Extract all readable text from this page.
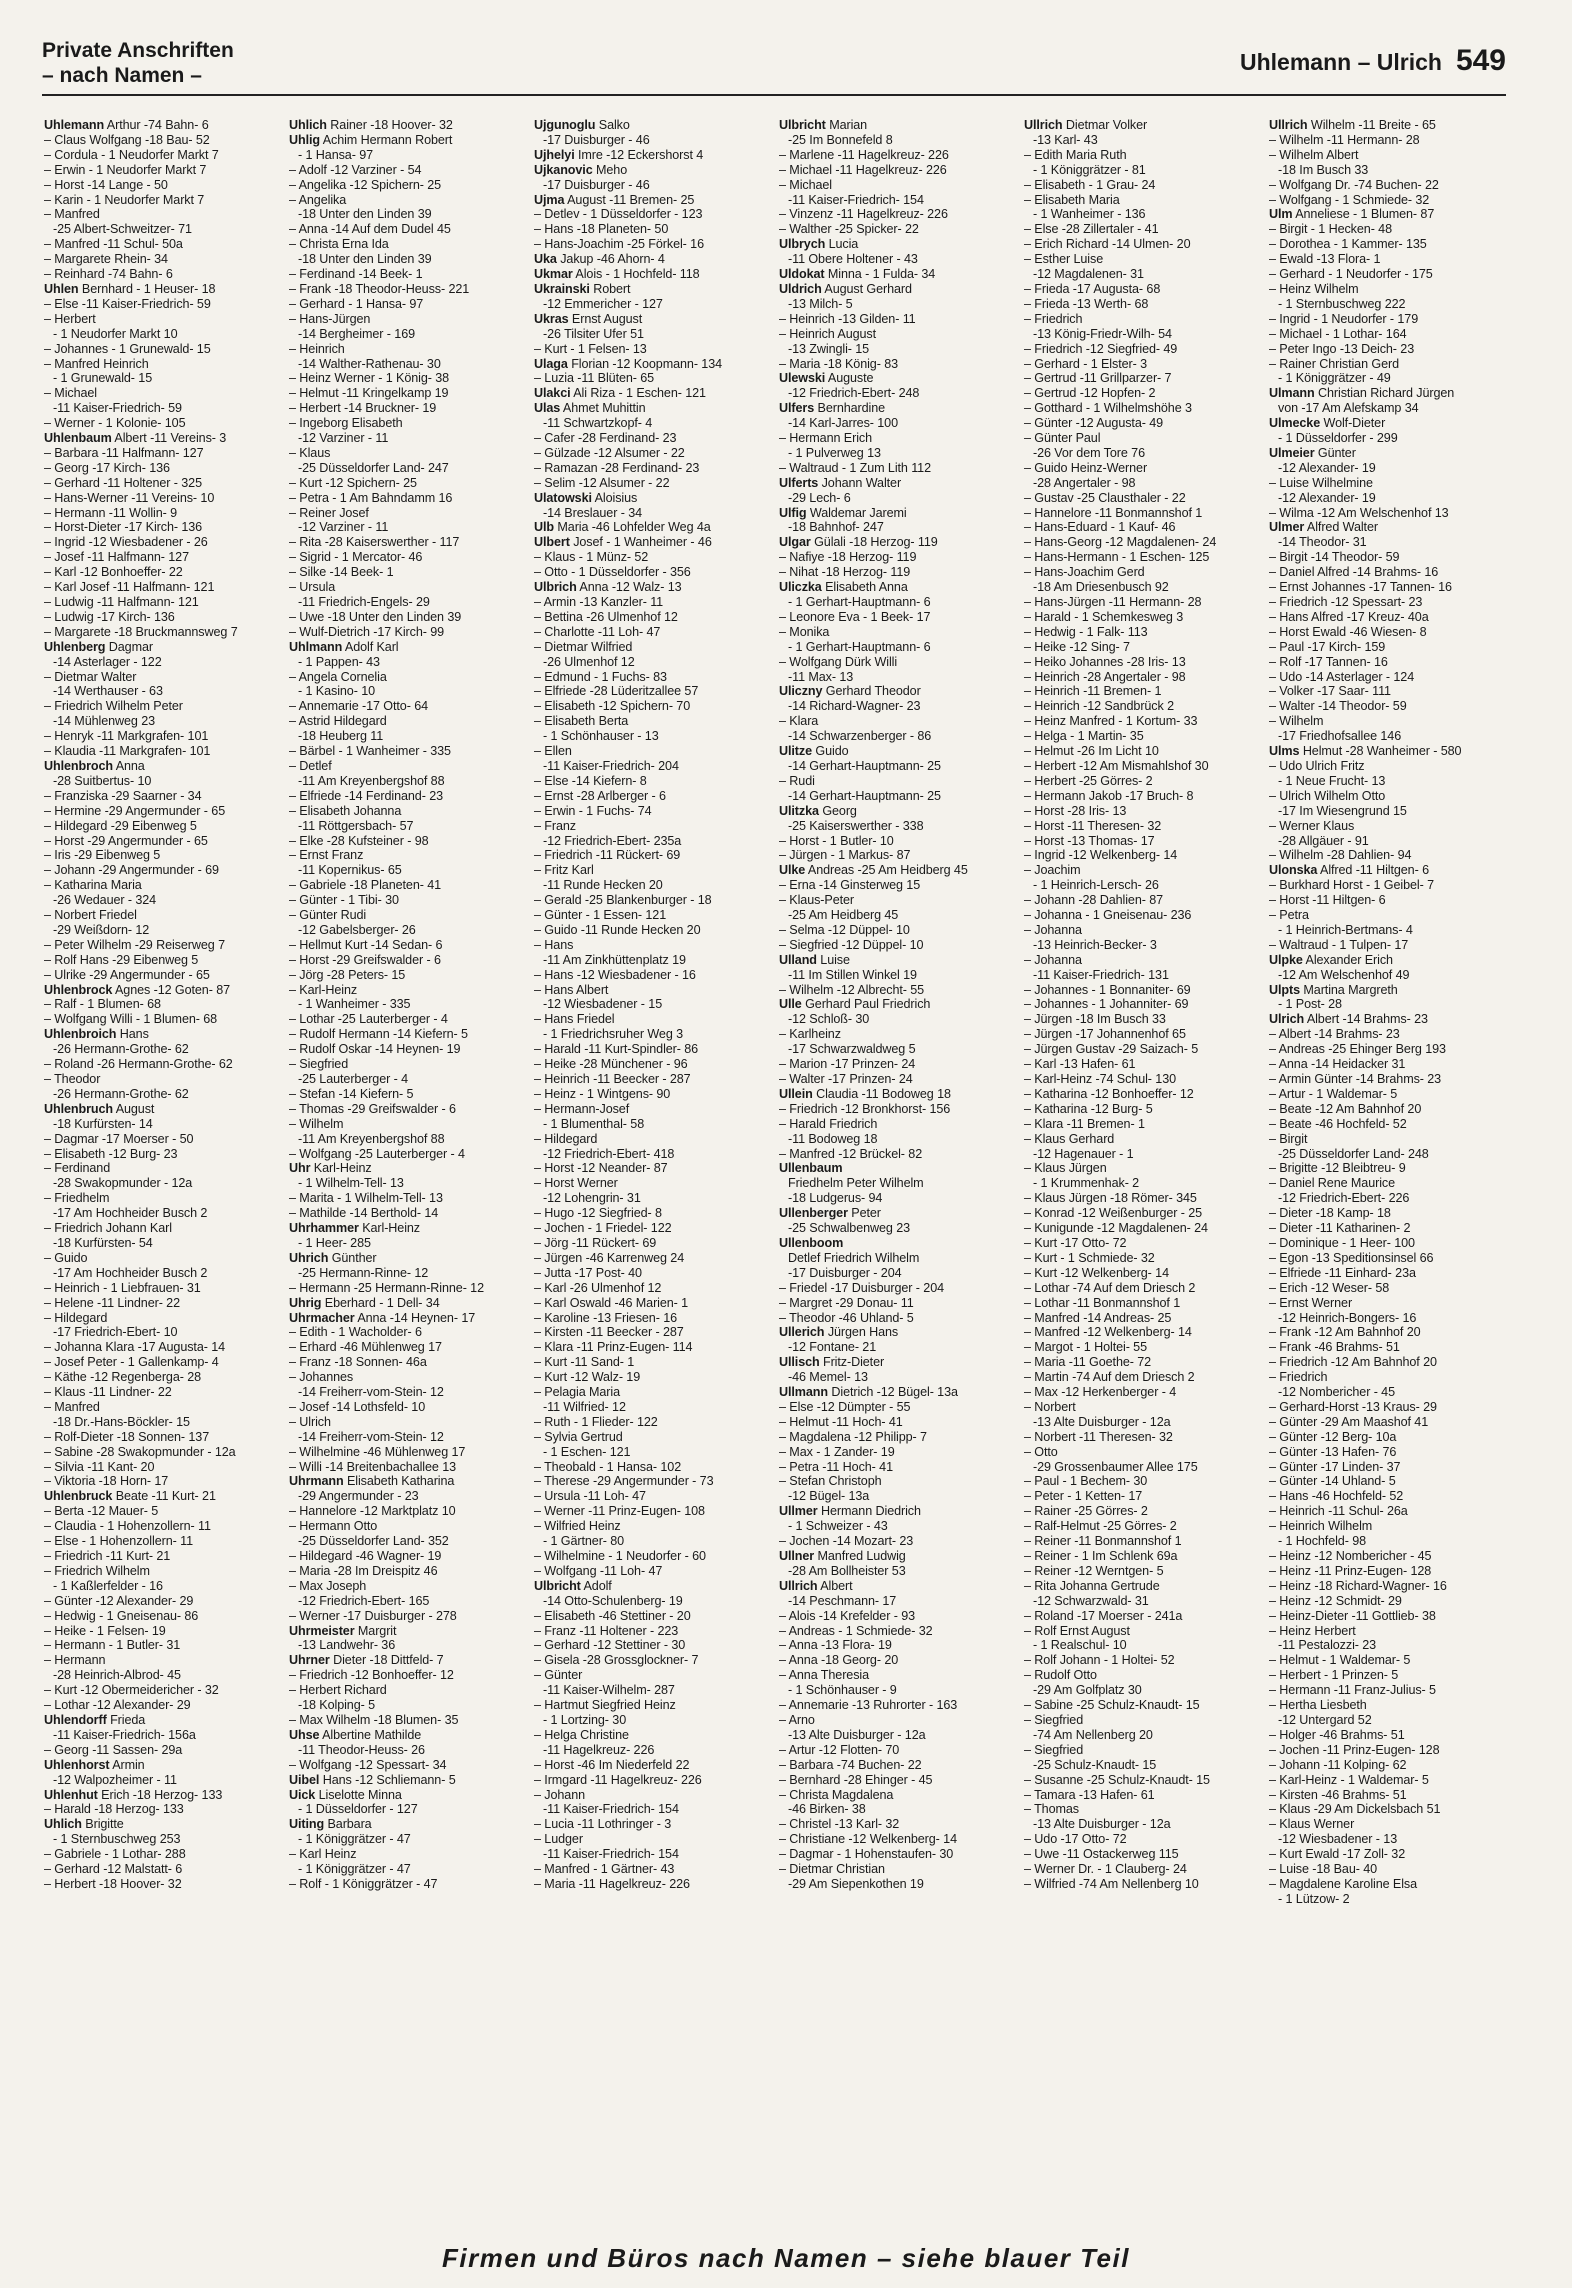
Private Anschriften
– nach Namen –
Uhlemann – Ulrich 549
Uhlemann Arthur -74 Bahn- 6
– Claus Wolfgang -18 Bau- 52
– Cordula - 1 Neudorfer Markt 7
– Erwin - 1 Neudorfer Markt 7
– Horst -14 Lange - 50
– Karin - 1 Neudorfer Markt 7
– Manfred
-25 Albert-Schweitzer- 71
– Manfred -11 Schul- 50a
– Margarete Rhein- 34
– Reinhard -74 Bahn- 6
Uhlen Bernhard - 1 Heuser- 18
– Else -11 Kaiser-Friedrich- 59
– Herbert
- 1 Neudorfer Markt 10
– Johannes - 1 Grunewald- 15
– Manfred Heinrich
- 1 Grunewald- 15
– Michael
-11 Kaiser-Friedrich- 59
– Werner - 1 Kolonie- 105
Uhlenbaum Albert -11 Vereins- 3
– Barbara -11 Halfmann- 127
– Georg -17 Kirch- 136
– Gerhard -11 Holtener - 325
– Hans-Werner -11 Vereins- 10
– Hermann -11 Wollin- 9
– Horst-Dieter -17 Kirch- 136
– Ingrid -12 Wiesbadener - 26
– Josef -11 Halfmann- 127
– Karl -12 Bonhoeffer- 22
– Karl Josef -11 Halfmann- 121
– Ludwig -11 Halfmann- 121
– Ludwig -17 Kirch- 136
– Margarete -18 Bruckmannsweg 7
Uhlenberg Dagmar
-14 Asterlager - 122
– Dietmar Walter
-14 Werthauser - 63
– Friedrich Wilhelm Peter
-14 Mühlenweg 23
– Henryk -11 Markgrafen- 101
– Klaudia -11 Markgrafen- 101
Uhlenbroch Anna
-28 Suitbertus- 10
– Franziska -29 Saarner - 34
– Hermine -29 Angermunder - 65
– Hildegard -29 Eibenweg 5
– Horst -29 Angermunder - 65
– Iris -29 Eibenweg 5
– Johann -29 Angermunder - 69
– Katharina Maria
-26 Wedauer - 324
– Norbert Friedel
-29 Weißdorn- 12
– Peter Wilhelm -29 Reiserweg 7
– Rolf Hans -29 Eibenweg 5
– Ulrike -29 Angermunder - 65
Uhlenbrock Agnes -12 Goten- 87
– Ralf - 1 Blumen- 68
– Wolfgang Willi - 1 Blumen- 68
Uhlenbroich Hans
-26 Hermann-Grothe- 62
– Roland -26 Hermann-Grothe- 62
– Theodor
-26 Hermann-Grothe- 62
Uhlenbruch August
-18 Kurfürsten- 14
– Dagmar -17 Moerser - 50
– Elisabeth -12 Burg- 23
– Ferdinand
-28 Swakopmunder - 12a
– Friedhelm
-17 Am Hochheider Busch 2
– Friedrich Johann Karl
-18 Kurfürsten- 54
– Guido
-17 Am Hochheider Busch 2
– Heinrich - 1 Liebfrauen- 31
– Helene -11 Lindner- 22
– Hildegard
-17 Friedrich-Ebert- 10
– Johanna Klara -17 Augusta- 14
– Josef Peter - 1 Gallenkamp- 4
– Käthe -12 Regenberga- 28
– Klaus -11 Lindner- 22
– Manfred
-18 Dr.-Hans-Böckler- 15
– Rolf-Dieter -18 Sonnen- 137
– Sabine -28 Swakopmunder - 12a
– Silvia -11 Kant- 20
– Viktoria -18 Horn- 17
Uhlenbruck Beate -11 Kurt- 21
– Berta -12 Mauer- 5
– Claudia - 1 Hohenzollern- 11
– Else - 1 Hohenzollern- 11
– Friedrich -11 Kurt- 21
– Friedrich Wilhelm
- 1 Kaßlerfelder - 16
– Günter -12 Alexander- 29
– Hedwig - 1 Gneisenau- 86
– Heike - 1 Felsen- 19
– Hermann - 1 Butler- 31
– Hermann
-28 Heinrich-Albrod- 45
– Kurt -12 Obermeidericher - 32
– Lothar -12 Alexander- 29
Uhlendorff Frieda
-11 Kaiser-Friedrich- 156a
– Georg -11 Sassen- 29a
Uhlenhorst Armin
-12 Walpozheimer - 11
Uhlenhut Erich -18 Herzog- 133
– Harald -18 Herzog- 133
Uhlich Brigitte
- 1 Sternbuschweg 253
– Gabriele - 1 Lothar- 288
– Gerhard -12 Malstatt- 6
– Herbert -18 Hoover- 32
Uhlich Rainer -18 Hoover- 32
Uhlig Achim Hermann Robert
- 1 Hansa- 97
– Adolf -12 Varziner - 54
– Angelika -12 Spichern- 25
– Angelika
-18 Unter den Linden 39
– Anna -14 Auf dem Dudel 45
– Christa Erna Ida
-18 Unter den Linden 39
– Ferdinand -14 Beek- 1
– Frank -18 Theodor-Heuss- 221
– Gerhard - 1 Hansa- 97
– Hans-Jürgen
-14 Bergheimer - 169
– Heinrich
-14 Walther-Rathenau- 30
– Heinz Werner - 1 König- 38
– Helmut -11 Kringelkamp 19
– Herbert -14 Bruckner- 19
– Ingeborg Elisabeth
-12 Varziner - 11
– Klaus
-25 Düsseldorfer Land- 247
– Kurt -12 Spichern- 25
– Petra - 1 Am Bahndamm 16
– Reiner Josef
-12 Varziner - 11
– Rita -28 Kaiserswerther - 117
– Sigrid - 1 Mercator- 46
– Silke -14 Beek- 1
– Ursula
-11 Friedrich-Engels- 29
– Uwe -18 Unter den Linden 39
– Wulf-Dietrich -17 Kirch- 99
Uhlmann Adolf Karl
- 1 Pappen- 43
– Angela Cornelia
- 1 Kasino- 10
– Annemarie -17 Otto- 64
– Astrid Hildegard
-18 Heuberg 11
– Bärbel - 1 Wanheimer - 335
– Detlef
-11 Am Kreyenbergshof 88
– Elfriede -14 Ferdinand- 23
– Elisabeth Johanna
-11 Röttgersbach- 57
– Elke -28 Kufsteiner - 98
– Ernst Franz
-11 Kopernikus- 65
– Gabriele -18 Planeten- 41
– Günter - 1 Tibi- 30
– Günter Rudi
-12 Gabelsberger- 26
– Hellmut Kurt -14 Sedan- 6
– Horst -29 Greifswalder - 6
– Jörg -28 Peters- 15
– Karl-Heinz
- 1 Wanheimer - 335
– Lothar -25 Lauterberger - 4
– Rudolf Hermann -14 Kiefern- 5
– Rudolf Oskar -14 Heynen- 19
– Siegfried
-25 Lauterberger - 4
– Stefan -14 Kiefern- 5
– Thomas -29 Greifswalder - 6
– Wilhelm
-11 Am Kreyenbergshof 88
– Wolfgang -25 Lauterberger - 4
Uhr Karl-Heinz
- 1 Wilhelm-Tell- 13
– Marita - 1 Wilhelm-Tell- 13
– Mathilde -14 Berthold- 14
Uhrhammer Karl-Heinz
- 1 Heer- 285
Uhrich Günther
-25 Hermann-Rinne- 12
– Hermann -25 Hermann-Rinne- 12
Uhrig Eberhard - 1 Dell- 34
Uhrmacher Anna -14 Heynen- 17
– Edith - 1 Wacholder- 6
– Erhard -46 Mühlenweg 17
– Franz -18 Sonnen- 46a
– Johannes
-14 Freiherr-vom-Stein- 12
– Josef -14 Lothsfeld- 10
– Ulrich
-14 Freiherr-vom-Stein- 12
– Wilhelmine -46 Mühlenweg 17
– Willi -14 Breitenbachallee 13
Uhrmann Elisabeth Katharina
-29 Angermunder - 23
– Hannelore -12 Marktplatz 10
– Hermann Otto
-25 Düsseldorfer Land- 352
– Hildegard -46 Wagner- 19
– Maria -28 Im Dreispitz 46
– Max Joseph
-12 Friedrich-Ebert- 165
– Werner -17 Duisburger - 278
Uhrmeister Margrit
-13 Landwehr- 36
Uhrner Dieter -18 Dittfeld- 7
– Friedrich -12 Bonhoeffer- 12
– Herbert Richard
-18 Kolping- 5
– Max Wilhelm -18 Blumen- 35
Uhse Albertine Mathilde
-11 Theodor-Heuss- 26
– Wolfgang -12 Spessart- 34
Uibel Hans -12 Schliemann- 5
Uick Liselotte Minna
- 1 Düsseldorfer - 127
Uiting Barbara
- 1 Königgrätzer - 47
– Karl Heinz
- 1 Königgrätzer - 47
– Rolf - 1 Königgrätzer - 47
Ujgunoglu Salko
-17 Duisburger - 46
Ujhelyi Imre -12 Eckershorst 4
Ujkanovic Meho
-17 Duisburger - 46
Ujma August -11 Bremen- 25
– Detlev - 1 Düsseldorfer - 123
– Hans -18 Planeten- 50
– Hans-Joachim -25 Förkel- 16
Uka Jakup -46 Ahorn- 4
Ukmar Alois - 1 Hochfeld- 118
Ukrainski Robert
-12 Emmericher - 127
Ukras Ernst August
-26 Tilsiter Ufer 51
– Kurt - 1 Felsen- 13
Ulaga Florian -12 Koopmann- 134
– Luzia -11 Blüten- 65
Ulakci Ali Riza - 1 Eschen- 121
Ulas Ahmet Muhittin
-11 Schwartzkopf- 4
– Cafer -28 Ferdinand- 23
– Gülzade -12 Alsumer - 22
– Ramazan -28 Ferdinand- 23
– Selim -12 Alsumer - 22
Ulatowski Aloisius
-14 Breslauer - 34
Ulb Maria -46 Lohfelder Weg 4a
Ulbert Josef - 1 Wanheimer - 46
– Klaus - 1 Münz- 52
– Otto - 1 Düsseldorfer - 356
Ulbrich Anna -12 Walz- 13
– Armin -13 Kanzler- 11
– Bettina -26 Ulmenhof 12
– Charlotte -11 Loh- 47
– Dietmar Wilfried
-26 Ulmenhof 12
– Edmund - 1 Fuchs- 83
– Elfriede -28 Lüderitzallee 57
– Elisabeth -12 Spichern- 70
– Elisabeth Berta
- 1 Schönhauser - 13
– Ellen
-11 Kaiser-Friedrich- 204
– Else -14 Kiefern- 8
– Ernst -28 Arlberger - 6
– Erwin - 1 Fuchs- 74
– Franz
-12 Friedrich-Ebert- 235a
– Friedrich -11 Rückert- 69
– Fritz Karl
-11 Runde Hecken 20
– Gerald -25 Blankenburger - 18
– Günter - 1 Essen- 121
– Guido -11 Runde Hecken 20
– Hans
-11 Am Zinkhüttenplatz 19
– Hans -12 Wiesbadener - 16
– Hans Albert
-12 Wiesbadener - 15
– Hans Friedel
- 1 Friedrichsruher Weg 3
– Harald -11 Kurt-Spindler- 86
– Heike -28 Münchener - 96
– Heinrich -11 Beecker - 287
– Heinz - 1 Wintgens- 90
– Hermann-Josef
- 1 Blumenthal- 58
– Hildegard
-12 Friedrich-Ebert- 418
– Horst -12 Neander- 87
– Horst Werner
-12 Lohengrin- 31
– Hugo -12 Siegfried- 8
– Jochen - 1 Friedel- 122
– Jörg -11 Rückert- 69
– Jürgen -46 Karrenweg 24
– Jutta -17 Post- 40
– Karl -26 Ulmenhof 12
– Karl Oswald -46 Marien- 1
– Karoline -13 Friesen- 16
– Kirsten -11 Beecker - 287
– Klara -11 Prinz-Eugen- 114
– Kurt -11 Sand- 1
– Kurt -12 Walz- 19
– Pelagia Maria
-11 Wilfried- 12
– Ruth - 1 Flieder- 122
– Sylvia Gertrud
- 1 Eschen- 121
– Theobald - 1 Hansa- 102
– Therese -29 Angermunder - 73
– Ursula -11 Loh- 47
– Werner -11 Prinz-Eugen- 108
– Wilfried Heinz
- 1 Gärtner- 80
– Wilhelmine - 1 Neudorfer - 60
– Wolfgang -11 Loh- 47
Ulbricht Adolf
-14 Otto-Schulenberg- 19
– Elisabeth -46 Stettiner - 20
– Franz -11 Holtener - 223
– Gerhard -12 Stettiner - 30
– Gisela -28 Grossglockner- 7
– Günter
-11 Kaiser-Wilhelm- 287
– Hartmut Siegfried Heinz
- 1 Lortzing- 30
– Helga Christine
-11 Hagelkreuz- 226
– Horst -46 Im Niederfeld 22
– Irmgard -11 Hagelkreuz- 226
– Johann
-11 Kaiser-Friedrich- 154
– Lucia -11 Lothringer - 3
– Ludger
-11 Kaiser-Friedrich- 154
– Manfred - 1 Gärtner- 43
– Maria -11 Hagelkreuz- 226
Ulbricht Marian
-25 Im Bonnefeld 8
– Marlene -11 Hagelkreuz- 226
– Michael -11 Hagelkreuz- 226
– Michael
-11 Kaiser-Friedrich- 154
– Vinzenz -11 Hagelkreuz- 226
– Walther -25 Spicker- 22
Ulbrych Lucia
-11 Obere Holtener - 43
Uldokat Minna - 1 Fulda- 34
Uldrich August Gerhard
-13 Milch- 5
– Heinrich -13 Gilden- 11
– Heinrich August
-13 Zwingli- 15
– Maria -18 König- 83
Ulewski Auguste
-12 Friedrich-Ebert- 248
Ulfers Bernhardine
-14 Karl-Jarres- 100
– Hermann Erich
- 1 Pulverweg 13
– Waltraud - 1 Zum Lith 112
Ulferts Johann Walter
-29 Lech- 6
Ulfig Waldemar Jaremi
-18 Bahnhof- 247
Ulgar Gülali -18 Herzog- 119
– Nafiye -18 Herzog- 119
– Nihat -18 Herzog- 119
Uliczka Elisabeth Anna
- 1 Gerhart-Hauptmann- 6
– Leonore Eva - 1 Beek- 17
– Monika
- 1 Gerhart-Hauptmann- 6
– Wolfgang Dürk Willi
-11 Max- 13
Uliczny Gerhard Theodor
-14 Richard-Wagner- 23
– Klara
-14 Schwarzenberger - 86
Ulitze Guido
-14 Gerhart-Hauptmann- 25
– Rudi
-14 Gerhart-Hauptmann- 25
Ulitzka Georg
-25 Kaiserswerther - 338
– Horst - 1 Butler- 10
– Jürgen - 1 Markus- 87
Ulke Andreas -25 Am Heidberg 45
– Erna -14 Ginsterweg 15
– Klaus-Peter
-25 Am Heidberg 45
– Selma -12 Düppel- 10
– Siegfried -12 Düppel- 10
Ulland Luise
-11 Im Stillen Winkel 19
– Wilhelm -12 Albrecht- 55
Ulle Gerhard Paul Friedrich
-12 Schloß- 30
– Karlheinz
-17 Schwarzwaldweg 5
– Marion -17 Prinzen- 24
– Walter -17 Prinzen- 24
Ullein Claudia -11 Bodoweg 18
– Friedrich -12 Bronkhorst- 156
– Harald Friedrich
-11 Bodoweg 18
– Manfred -12 Brückel- 82
Ullenbaum
Friedhelm Peter Wilhelm
-18 Ludgerus- 94
Ullenberger Peter
-25 Schwalbenweg 23
Ullenboom
Detlef Friedrich Wilhelm
-17 Duisburger - 204
– Friedel -17 Duisburger - 204
– Margret -29 Donau- 11
– Theodor -46 Uhland- 5
Ullerich Jürgen Hans
-12 Fontane- 21
Ullisch Fritz-Dieter
-46 Memel- 13
Ullmann Dietrich -12 Bügel- 13a
– Else -12 Dümpter - 55
– Helmut -11 Hoch- 41
– Magdalena -12 Philipp- 7
– Max - 1 Zander- 19
– Petra -11 Hoch- 41
– Stefan Christoph
-12 Bügel- 13a
Ullmer Hermann Diedrich
- 1 Schweizer - 43
– Jochen -14 Mozart- 23
Ullner Manfred Ludwig
-28 Am Bollheister 53
Ullrich Albert
-14 Peschmann- 17
– Alois -14 Krefelder - 93
– Andreas - 1 Schmiede- 32
– Anna -13 Flora- 19
– Anna -18 Georg- 20
– Anna Theresia
- 1 Schönhauser - 9
– Annemarie -13 Ruhrorter - 163
– Arno
-13 Alte Duisburger - 12a
– Artur -12 Flotten- 70
– Barbara -74 Buchen- 22
– Bernhard -28 Ehinger - 45
– Christa Magdalena
-46 Birken- 38
– Christel -13 Karl- 32
– Christiane -12 Welkenberg- 14
– Dagmar - 1 Hohenstaufen- 30
– Dietmar Christian
-29 Am Siepenkothen 19
Ullrich Dietmar Volker
-13 Karl- 43
– Edith Maria Ruth
- 1 Königgrätzer - 81
– Elisabeth - 1 Grau- 24
– Elisabeth Maria
- 1 Wanheimer - 136
– Else -28 Zillertaler - 41
– Erich Richard -14 Ulmen- 20
– Esther Luise
-12 Magdalenen- 31
– Frieda -17 Augusta- 68
– Frieda -13 Werth- 68
– Friedrich
-13 König-Friedr-Wilh- 54
– Friedrich -12 Siegfried- 49
– Gerhard - 1 Elster- 3
– Gertrud -11 Grillparzer- 7
– Gertrud -12 Hopfen- 2
– Gotthard - 1 Wilhelmshöhe 3
– Günter -12 Augusta- 49
– Günter Paul
-26 Vor dem Tore 76
– Guido Heinz-Werner
-28 Angertaler - 98
– Gustav -25 Clausthaler - 22
– Hannelore -11 Bonmannshof 1
– Hans-Eduard - 1 Kauf- 46
– Hans-Georg -12 Magdalenen- 24
– Hans-Hermann - 1 Eschen- 125
– Hans-Joachim Gerd
-18 Am Driesenbusch 92
– Hans-Jürgen -11 Hermann- 28
– Harald - 1 Schemkesweg 3
– Hedwig - 1 Falk- 113
– Heike -12 Sing- 7
– Heiko Johannes -28 Iris- 13
– Heinrich -28 Angertaler - 98
– Heinrich -11 Bremen- 1
– Heinrich -12 Sandbrück 2
– Heinz Manfred - 1 Kortum- 33
– Helga - 1 Martin- 35
– Helmut -26 Im Licht 10
– Herbert -12 Am Mismahlshof 30
– Herbert -25 Görres- 2
– Hermann Jakob -17 Bruch- 8
– Horst -28 Iris- 13
– Horst -11 Theresen- 32
– Horst -13 Thomas- 17
– Ingrid -12 Welkenberg- 14
– Joachim
- 1 Heinrich-Lersch- 26
– Johann -28 Dahlien- 87
– Johanna - 1 Gneisenau- 236
– Johanna
-13 Heinrich-Becker- 3
– Johanna
-11 Kaiser-Friedrich- 131
– Johannes - 1 Bonnaniter- 69
– Johannes - 1 Johanniter- 69
– Jürgen -18 Im Busch 33
– Jürgen -17 Johannenhof 65
– Jürgen Gustav -29 Saizach- 5
– Karl -13 Hafen- 61
– Karl-Heinz -74 Schul- 130
– Katharina -12 Bonhoeffer- 12
– Katharina -12 Burg- 5
– Klara -11 Bremen- 1
– Klaus Gerhard
-12 Hagenauer - 1
– Klaus Jürgen
- 1 Krummenhak- 2
– Klaus Jürgen -18 Römer- 345
– Konrad -12 Weißenburger - 25
– Kunigunde -12 Magdalenen- 24
– Kurt -17 Otto- 72
– Kurt - 1 Schmiede- 32
– Kurt -12 Welkenberg- 14
– Lothar -74 Auf dem Driesch 2
– Lothar -11 Bonmannshof 1
– Manfred -14 Andreas- 25
– Manfred -12 Welkenberg- 14
– Margot - 1 Holtei- 55
– Maria -11 Goethe- 72
– Martin -74 Auf dem Driesch 2
– Max -12 Herkenberger - 4
– Norbert
-13 Alte Duisburger - 12a
– Norbert -11 Theresen- 32
– Otto
-29 Grossenbaumer Allee 175
– Paul - 1 Bechem- 30
– Peter - 1 Ketten- 17
– Rainer -25 Görres- 2
– Ralf-Helmut -25 Görres- 2
– Reiner -11 Bonmannshof 1
– Reiner - 1 Im Schlenk 69a
– Reiner -12 Werntgen- 5
– Rita Johanna Gertrude
-12 Schwarzwald- 31
– Roland -17 Moerser - 241a
– Rolf Ernst August
- 1 Realschul- 10
– Rolf Johann - 1 Holtei- 52
– Rudolf Otto
-29 Am Golfplatz 30
– Sabine -25 Schulz-Knaudt- 15
– Siegfried
-74 Am Nellenberg 20
– Siegfried
-25 Schulz-Knaudt- 15
– Susanne -25 Schulz-Knaudt- 15
– Tamara -13 Hafen- 61
– Thomas
-13 Alte Duisburger - 12a
– Udo -17 Otto- 72
– Uwe -11 Ostackerweg 115
– Werner Dr. - 1 Clauberg- 24
– Wilfried -74 Am Nellenberg 10
Ullrich Wilhelm -11 Breite - 65
– Wilhelm -11 Hermann- 28
– Wilhelm Albert
-18 Im Busch 33
– Wolfgang Dr. -74 Buchen- 22
– Wolfgang - 1 Schmiede- 32
Ulm Anneliese - 1 Blumen- 87
– Birgit - 1 Hecken- 48
– Dorothea - 1 Kammer- 135
– Ewald -13 Flora- 1
– Gerhard - 1 Neudorfer - 175
– Heinz Wilhelm
- 1 Sternbuschweg 222
– Ingrid - 1 Neudorfer - 179
– Michael - 1 Lothar- 164
– Peter Ingo -13 Deich- 23
– Rainer Christian Gerd
- 1 Königgrätzer - 49
Ulmann Christian Richard Jürgen
von -17 Am Alefskamp 34
Ulmecke Wolf-Dieter
- 1 Düsseldorfer - 299
Ulmeier Günter
-12 Alexander- 19
– Luise Wilhelmine
-12 Alexander- 19
– Wilma -12 Am Welschenhof 13
Ulmer Alfred Walter
-14 Theodor- 31
– Birgit -14 Theodor- 59
– Daniel Alfred -14 Brahms- 16
– Ernst Johannes -17 Tannen- 16
– Friedrich -12 Spessart- 23
– Hans Alfred -17 Kreuz- 40a
– Horst Ewald -46 Wiesen- 8
– Paul -17 Kirch- 159
– Rolf -17 Tannen- 16
– Udo -14 Asterlager - 124
– Volker -17 Saar- 111
– Walter -14 Theodor- 59
– Wilhelm
-17 Friedhofsallee 146
Ulms Helmut -28 Wanheimer - 580
– Udo Ulrich Fritz
- 1 Neue Frucht- 13
– Ulrich Wilhelm Otto
-17 Im Wiesengrund 15
– Werner Klaus
-28 Allgäuer - 91
– Wilhelm -28 Dahlien- 94
Ulonska Alfred -11 Hiltgen- 6
– Burkhard Horst - 1 Geibel- 7
– Horst -11 Hiltgen- 6
– Petra
- 1 Heinrich-Bertmans- 4
– Waltraud - 1 Tulpen- 17
Ulpke Alexander Erich
-12 Am Welschenhof 49
Ulpts Martina Margreth
- 1 Post- 28
Ulrich Albert -14 Brahms- 23
– Albert -14 Brahms- 23
– Andreas -25 Ehinger Berg 193
– Anna -14 Heidacker 31
– Armin Günter -14 Brahms- 23
– Artur - 1 Waldemar- 5
– Beate -12 Am Bahnhof 20
– Beate -46 Hochfeld- 52
– Birgit
-25 Düsseldorfer Land- 248
– Brigitte -12 Bleibtreu- 9
– Daniel Rene Maurice
-12 Friedrich-Ebert- 226
– Dieter -18 Kamp- 18
– Dieter -11 Katharinen- 2
– Dominique - 1 Heer- 100
– Egon -13 Speditionsinsel 66
– Elfriede -11 Einhard- 23a
– Erich -12 Weser- 58
– Ernst Werner
-12 Heinrich-Bongers- 16
– Frank -12 Am Bahnhof 20
– Frank -46 Brahms- 51
– Friedrich -12 Am Bahnhof 20
– Friedrich
-12 Nombericher - 45
– Gerhard-Horst -13 Kraus- 29
– Günter -29 Am Maashof 41
– Günter -12 Berg- 10a
– Günter -13 Hafen- 76
– Günter -17 Linden- 37
– Günter -14 Uhland- 5
– Hans -46 Hochfeld- 52
– Heinrich -11 Schul- 26a
– Heinrich Wilhelm
- 1 Hochfeld- 98
– Heinz -12 Nombericher - 45
– Heinz -11 Prinz-Eugen- 128
– Heinz -18 Richard-Wagner- 16
– Heinz -12 Schmidt- 29
– Heinz-Dieter -11 Gottlieb- 38
– Heinz Herbert
-11 Pestalozzi- 23
– Helmut - 1 Waldemar- 5
– Herbert - 1 Prinzen- 5
– Hermann -11 Franz-Julius- 5
– Hertha Liesbeth
-12 Untergard 52
– Holger -46 Brahms- 51
– Jochen -11 Prinz-Eugen- 128
– Johann -11 Kolping- 62
– Karl-Heinz - 1 Waldemar- 5
– Kirsten -46 Brahms- 51
– Klaus -29 Am Dickelsbach 51
– Klaus Werner
-12 Wiesbadener - 13
– Kurt Ewald -17 Zoll- 32
– Luise -18 Bau- 40
– Magdalene Karoline Elsa
- 1 Lützow- 2
Firmen und Büros nach Namen – siehe blauer Teil
